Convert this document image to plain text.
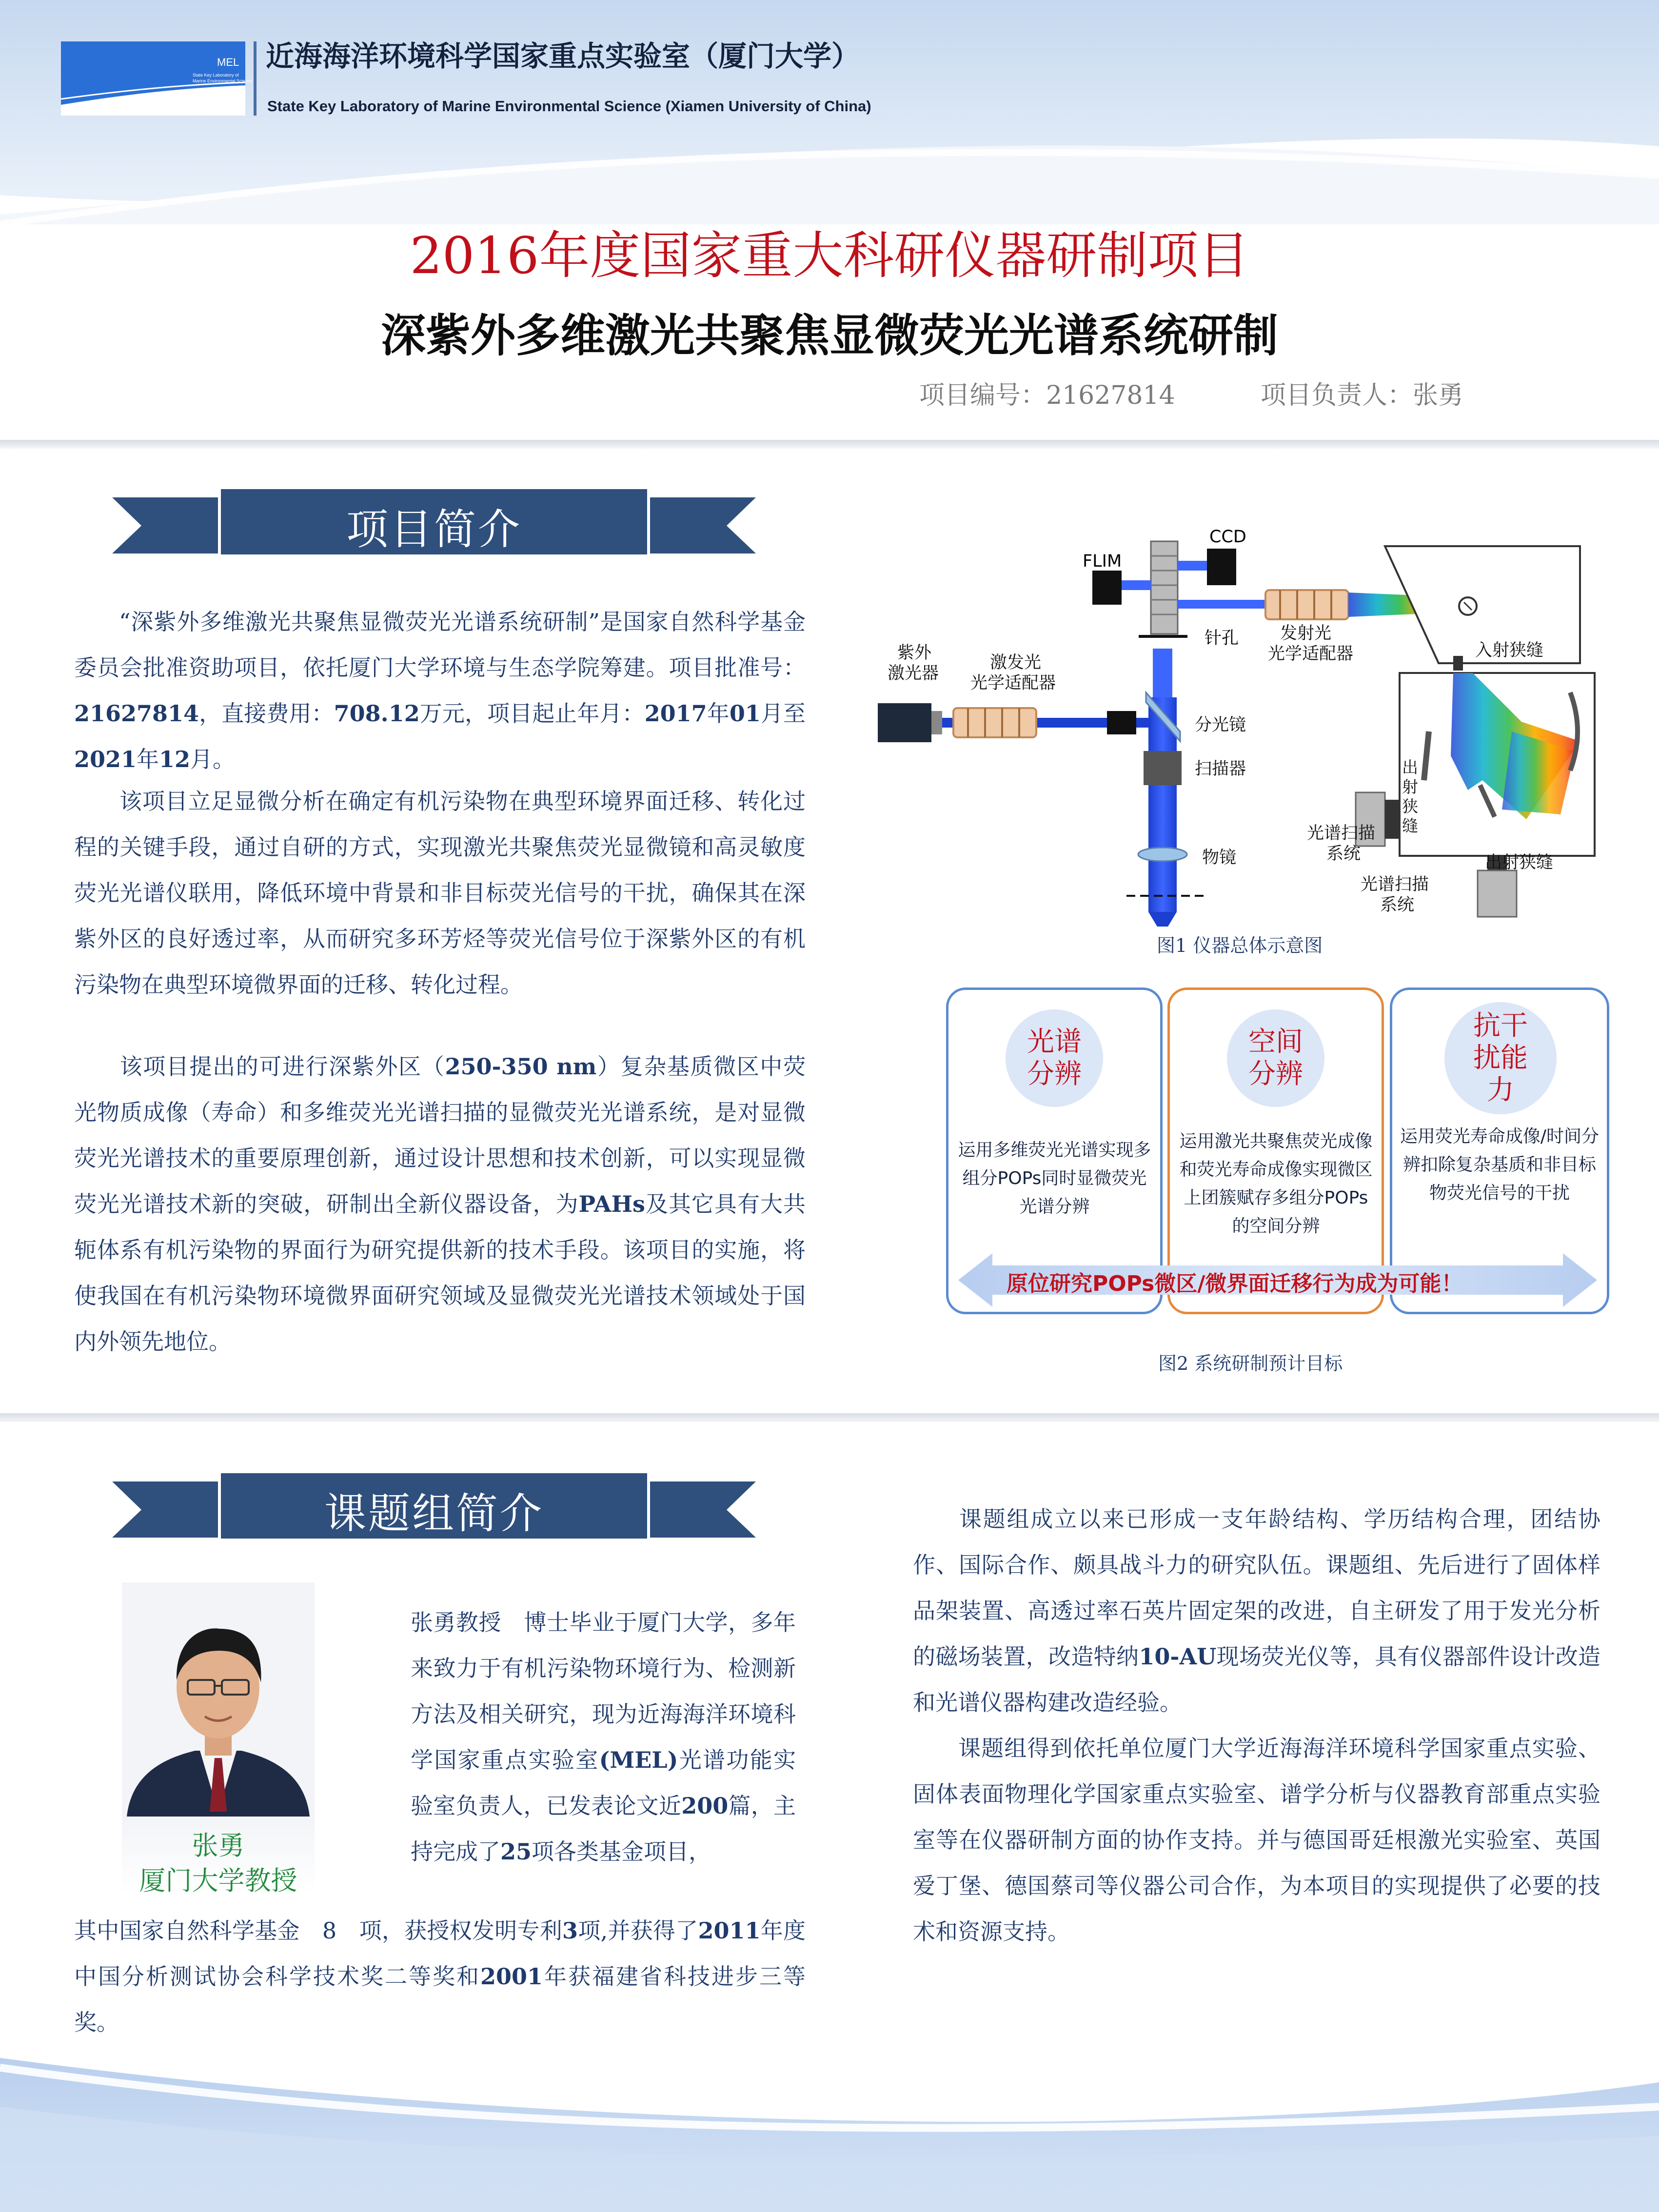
MEL
State Key Laboratory of
Marine Environmental Science
近海海洋环境科学国家重点实验室（厦门大学）
State Key Laboratory of Marine Environmental Science (Xiamen University of China)
2016年度国家重大科研仪器研制项目
深紫外多维激光共聚焦显微荧光光谱系统研制
项目编号：21627814	项目负责人：张勇
项目简介
“深紫外多维激光共聚焦显微荧光光谱系统研制”是国家自然科学基金委员会批准资助项目，依托厦门大学环境与生态学院筹建。项目批准号：21627814，直接费用：708.12万元，项目起止年月：2017年01月至2021年12月。
该项目立足显微分析在确定有机污染物在典型环境界面迁移、转化过程的关键手段，通过自研的方式，实现激光共聚焦荧光显微镜和高灵敏度荧光光谱仪联用，降低环境中背景和非目标荧光信号的干扰，确保其在深紫外区的良好透过率，从而研究多环芳烃等荧光信号位于深紫外区的有机污染物在典型环境微界面的迁移、转化过程。
该项目提出的可进行深紫外区（250-350 nm）复杂基质微区中荧光物质成像（寿命）和多维荧光光谱扫描的显微荧光光谱系统，是对显微荧光光谱技术的重要原理创新，通过设计思想和技术创新，可以实现显微荧光光谱技术新的突破，研制出全新仪器设备，为PAHs及其它具有大共轭体系有机污染物的界面行为研究提供新的技术手段。该项目的实施，将使我国在有机污染物环境微界面研究领域及显微荧光光谱技术领域处于国内外领先地位。
CCD
FLIM
针孔	发射光光学适配器	入射狭缝
紫外激光器
激发光光学适配器
分光镜
扫描器
物镜
出射狭缝
光谱扫描系统	出射狭缝
光谱扫描系统
图1 仪器总体示意图
光谱
分辨
空间
分辨
抗干
扰能
力
运用多维荧光光谱实现多组分POPs同时显微荧光光谱分辨
运用激光共聚焦荧光成像和荧光寿命成像实现微区上团簇赋存多组分POPs的空间分辨
运用荧光寿命成像/时间分辨扣除复杂基质和非目标物荧光信号的干扰
原位研究POPs微区/微界面迁移行为成为可能！
图2 系统研制预计目标
课题组简介
张勇
厦门大学教授
张勇教授　博士毕业于厦门大学，多年来致力于有机污染物环境行为、检测新方法及相关研究，现为近海海洋环境科学国家重点实验室(MEL)光谱功能实验室负责人，已发表论文近200篇，主持完成了25项各类基金项目，
其中国家自然科学基金　8　项，获授权发明专利3项,并获得了2011年度中国分析测试协会科学技术奖二等奖和2001年获福建省科技进步三等奖。
课题组成立以来已形成一支年龄结构、学历结构合理，团结协作、国际合作、颇具战斗力的研究队伍。课题组、先后进行了固体样品架装置、高透过率石英片固定架的改进，自主研发了用于发光分析的磁场装置，改造特纳10-AU现场荧光仪等，具有仪器部件设计改造和光谱仪器构建改造经验。
课题组得到依托单位厦门大学近海海洋环境科学国家重点实验、固体表面物理化学国家重点实验室、谱学分析与仪器教育部重点实验室等在仪器研制方面的协作支持。并与德国哥廷根激光实验室、英国爱丁堡、德国蔡司等仪器公司合作，为本项目的实现提供了必要的技术和资源支持。
